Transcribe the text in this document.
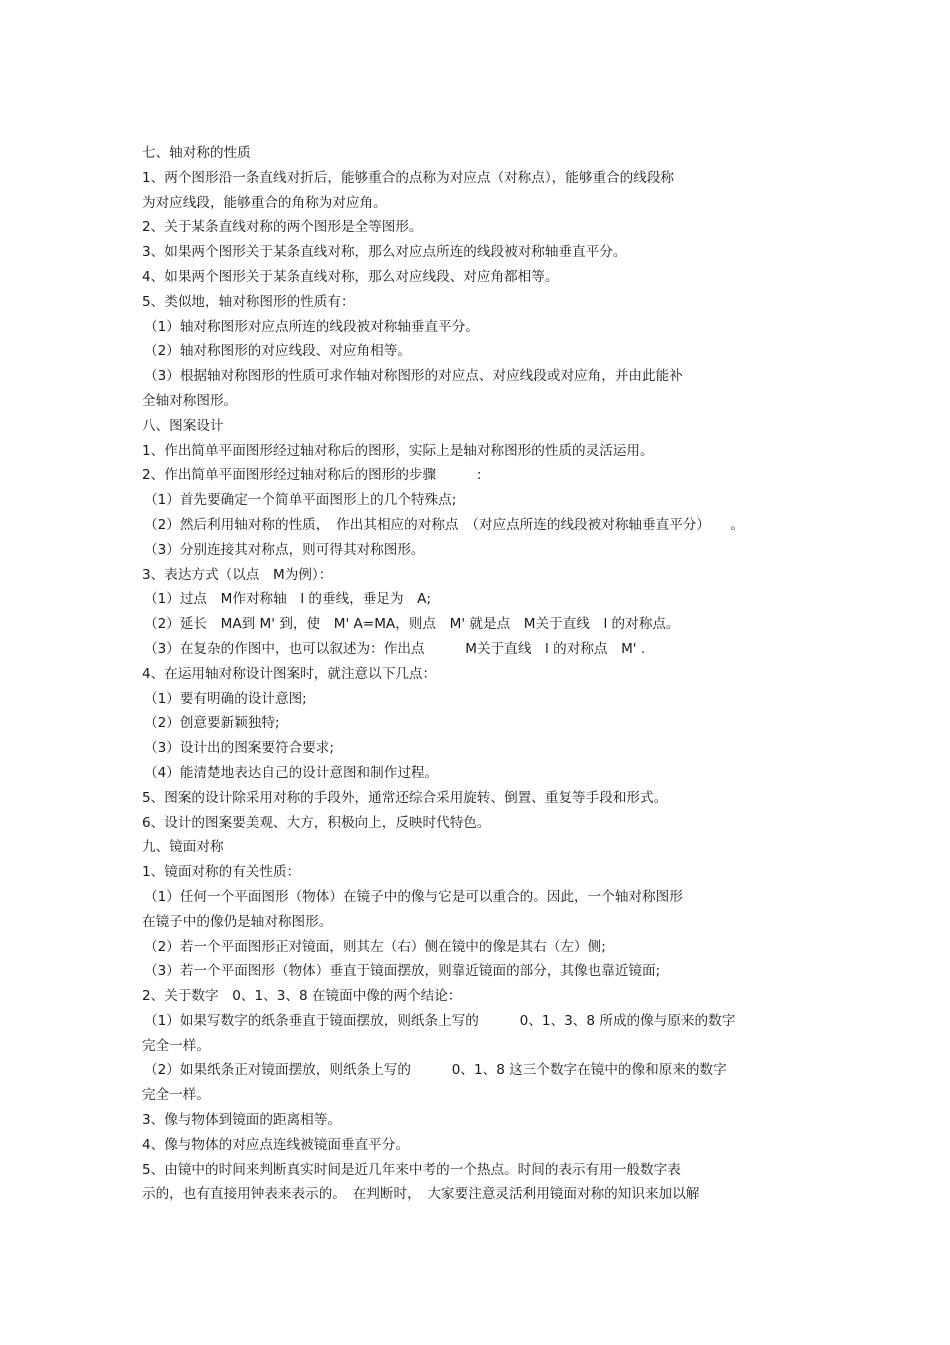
七、轴对称的性质
1、两个图形沿一条直线对折后，能够重合的点称为对应点（对称点），能够重合的线段称
为对应线段，能够重合的角称为对应角。
2、关于某条直线对称的两个图形是全等图形。
3、如果两个图形关于某条直线对称，那么对应点所连的线段被对称轴垂直平分。
4、如果两个图形关于某条直线对称，那么对应线段、对应角都相等。
5、类似地，轴对称图形的性质有：
（1）轴对称图形对应点所连的线段被对称轴垂直平分。
（2）轴对称图形的对应线段、对应角相等。
（3）根据轴对称图形的性质可求作轴对称图形的对应点、对应线段或对应角，并由此能补
全轴对称图形。
八、图案设计
1、作出简单平面图形经过轴对称后的图形，实际上是轴对称图形的性质的灵活运用。
2、作出简单平面图形经过轴对称后的图形的步骤　　　:
（1）首先要确定一个简单平面图形上的几个特殊点;
（2）然后利用轴对称的性质，　作出其相应的对称点　（对应点所连的线段被对称轴垂直平分）　　。
（3）分别连接其对称点，则可得其对称图形。
3、表达方式（以点　M为例）：
（1）过点　M作对称轴　l 的垂线，垂足为　A;
（2）延长　MA到 M' 到，使　M' A=MA，则点　M' 就是点　M关于直线　l 的对称点。
（3）在复杂的作图中，也可以叙述为：作出点　　　M关于直线　l 的对称点　M' .
4、在运用轴对称设计图案时，就注意以下几点：
（1）要有明确的设计意图;
（2）创意要新颖独特;
（3）设计出的图案要符合要求;
（4）能清楚地表达自己的设计意图和制作过程。
5、图案的设计除采用对称的手段外，通常还综合采用旋转、倒置、重复等手段和形式。
6、设计的图案要美观、大方，积极向上，反映时代特色。
九、镜面对称
1、镜面对称的有关性质：
（1）任何一个平面图形（物体）在镜子中的像与它是可以重合的。因此，一个轴对称图形
在镜子中的像仍是轴对称图形。
（2）若一个平面图形正对镜面，则其左（右）侧在镜中的像是其右（左）侧;
（3）若一个平面图形（物体）垂直于镜面摆放，则靠近镜面的部分，其像也靠近镜面;
2、关于数字　0、1、3、8 在镜面中像的两个结论：
（1）如果写数字的纸条垂直于镜面摆放，则纸条上写的　　　0、1、3、8 所成的像与原来的数字
完全一样。
（2）如果纸条正对镜面摆放，则纸条上写的　　　0、1、8 这三个数字在镜中的像和原来的数字
完全一样。
3、像与物体到镜面的距离相等。
4、像与物体的对应点连线被镜面垂直平分。
5、由镜中的时间来判断真实时间是近几年来中考的一个热点。时间的表示有用一般数字表
示的，也有直接用钟表来表示的。　在判断时，　大家要注意灵活利用镜面对称的知识来加以解
